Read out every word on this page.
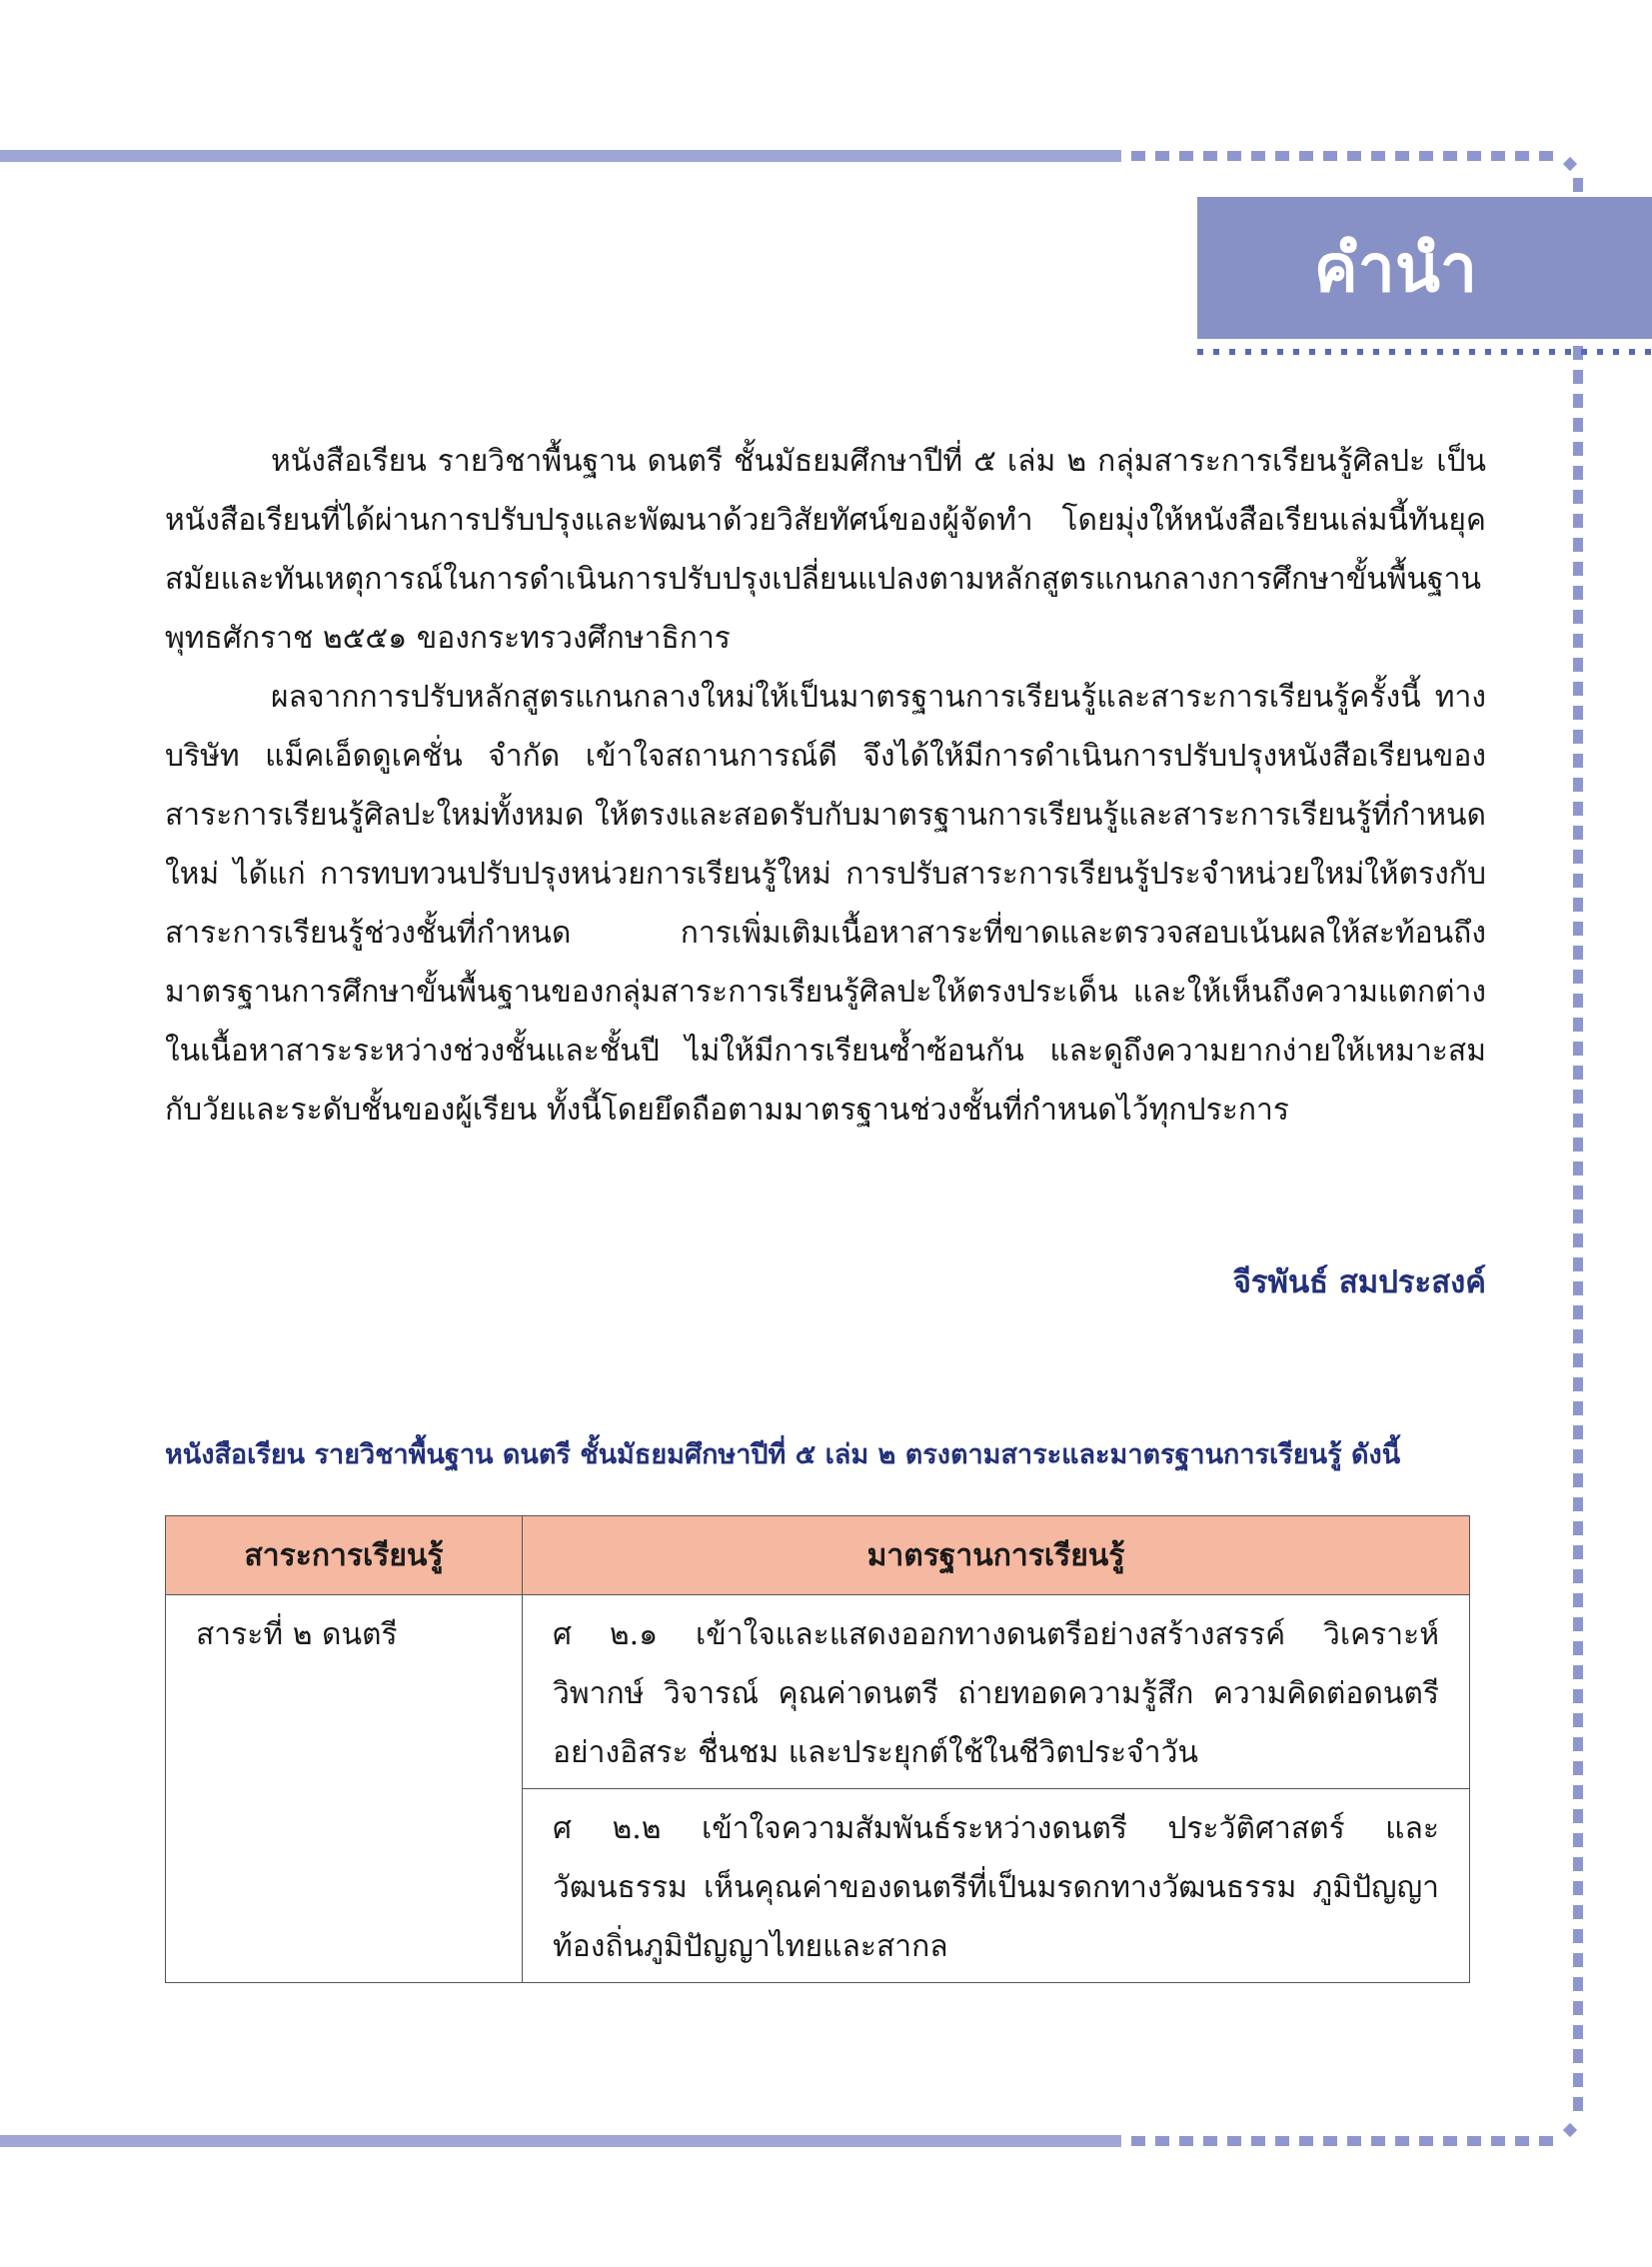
คำนำ

หนังสือเรียน รายวิชาพื้นฐาน ดนตรี ชั้นมัธยมศึกษาปีที่ ๕ เล่ม ๒ กลุ่มสาระการเรียนรู้ศิลปะ เป็นหนังสือเรียนที่ได้ผ่านการปรับปรุงและพัฒนาด้วยวิสัยทัศน์ของผู้จัดทำ โดยมุ่งให้หนังสือเรียนเล่มนี้ทันยุคสมัยและทันเหตุการณ์ในการดำเนินการปรับปรุงเปลี่ยนแปลงตามหลักสูตรแกนกลางการศึกษาขั้นพื้นฐาน พุทธศักราช ๒๕๕๑ ของกระทรวงศึกษาธิการ

ผลจากการปรับหลักสูตรแกนกลางใหม่ให้เป็นมาตรฐานการเรียนรู้และสาระการเรียนรู้ครั้งนี้ ทางบริษัท แม็คเอ็ดดูเคชั่น จำกัด เข้าใจสถานการณ์ดี จึงได้ให้มีการดำเนินการปรับปรุงหนังสือเรียนของสาระการเรียนรู้ศิลปะใหม่ทั้งหมด ให้ตรงและสอดรับกับมาตรฐานการเรียนรู้และสาระการเรียนรู้ที่กำหนดใหม่ ได้แก่ การทบทวนปรับปรุงหน่วยการเรียนรู้ใหม่ การปรับสาระการเรียนรู้ประจำหน่วยใหม่ให้ตรงกับสาระการเรียนรู้ช่วงชั้นที่กำหนด การเพิ่มเติมเนื้อหาสาระที่ขาดและตรวจสอบเน้นผลให้สะท้อนถึงมาตรฐานการศึกษาขั้นพื้นฐานของกลุ่มสาระการเรียนรู้ศิลปะให้ตรงประเด็น และให้เห็นถึงความแตกต่างในเนื้อหาสาระระหว่างช่วงชั้นและชั้นปี ไม่ให้มีการเรียนซ้ำซ้อนกัน และดูถึงความยากง่ายให้เหมาะสมกับวัยและระดับชั้นของผู้เรียน ทั้งนี้โดยยึดถือตามมาตรฐานช่วงชั้นที่กำหนดไว้ทุกประการ

จีรพันธ์ สมประสงค์
หนังสือเรียน รายวิชาพื้นฐาน ดนตรี ชั้นมัธยมศึกษาปีที่ ๕ เล่ม ๒ ตรงตามสาระและมาตรฐานการเรียนรู้ ดังนี้
สาระการเรียนรู้	มาตรฐานการเรียนรู้
สาระที่ ๒ ดนตรี	ศ ๒.๑ เข้าใจและแสดงออกทางดนตรีอย่างสร้างสรรค์ วิเคราะห์ วิพากษ์ วิจารณ์ คุณค่าดนตรี ถ่ายทอดความรู้สึก ความคิดต่อดนตรีอย่างอิสระ ชื่นชม และประยุกต์ใช้ในชีวิตประจำวัน
	ศ ๒.๒ เข้าใจความสัมพันธ์ระหว่างดนตรี ประวัติศาสตร์ และวัฒนธรรม เห็นคุณค่าของดนตรีที่เป็นมรดกทางวัฒนธรรม ภูมิปัญญาท้องถิ่นภูมิปัญญาไทยและสากล
